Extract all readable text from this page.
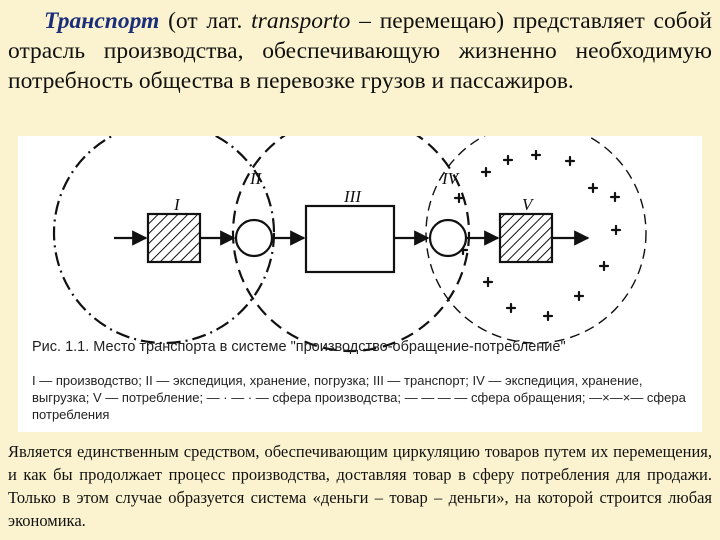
Транспорт (от лат. transporto – перемещаю) представляет собой отрасль производства, обеспечивающую жизненно необходимую потребность общества в перевозке грузов и пассажиров.

I
II
III
IV
V

Рис. 1.1. Место транспорта в системе "производство-обращение-потребление"

I — производство; II — экспедиция, хранение, погрузка; III — транспорт; IV — экспедиция, хранение, выгрузка; V — потребление; — · — · — сфера производства; — — — — сфера обращения; —×—×— сфера потребления

Является единственным средством, обеспечивающим циркуляцию товаров путем их перемещения, и как бы продолжает процесс производства, доставляя товар в сферу потребления для продажи. Только в этом случае образуется система «деньги – товар – деньги», на которой строится любая экономика.
